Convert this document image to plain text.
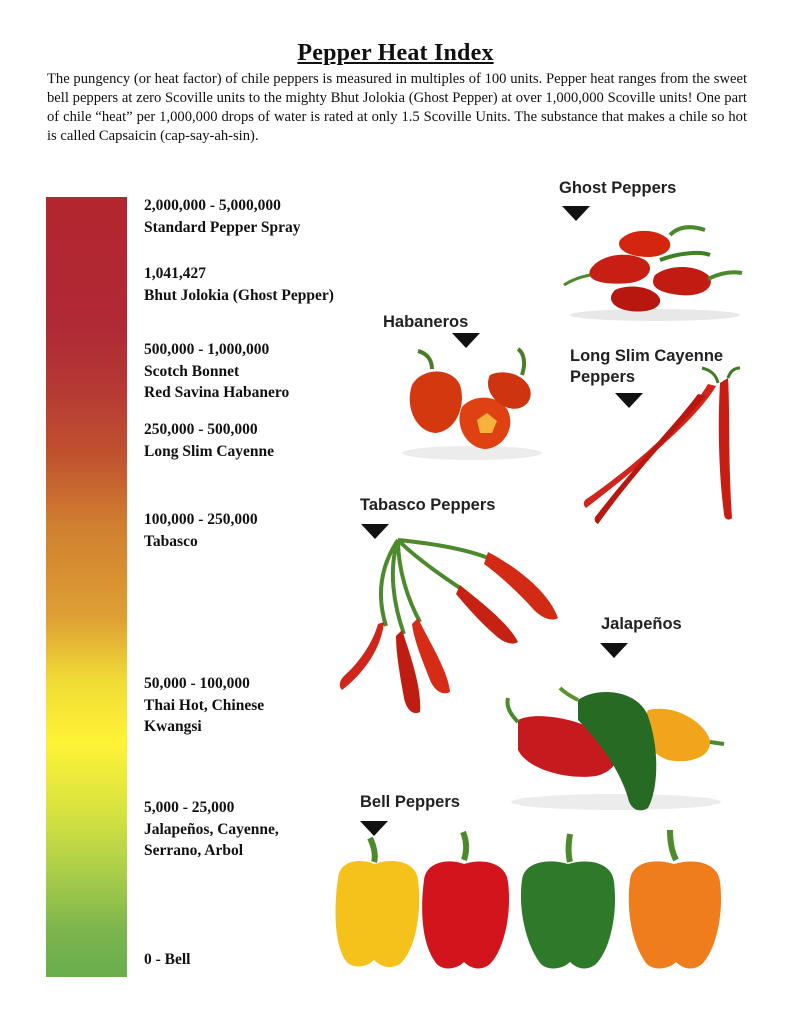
Pepper Heat Index
The pungency (or heat factor) of chile peppers is measured in multiples of 100 units. Pepper heat ranges from the sweet bell peppers at zero Scoville units to the mighty Bhut Jolokia (Ghost Pepper) at over 1,000,000 Scoville units! One part of chile “heat” per 1,000,000 drops of water is rated at only 1.5 Scoville Units. The substance that makes a chile so hot is called Capsaicin (cap-say-ah-sin).
2,000,000 - 5,000,000
Standard Pepper Spray
1,041,427
Bhut Jolokia (Ghost Pepper)
500,000 - 1,000,000
Scotch Bonnet
Red Savina Habanero
250,000 - 500,000
Long Slim Cayenne
100,000 - 250,000
Tabasco
50,000 - 100,000
Thai Hot, Chinese
Kwangsi
5,000 - 25,000
Jalapeños, Cayenne,
Serrano, Arbol
0 - Bell
Ghost Peppers
Habaneros
Long Slim Cayenne
Peppers
Tabasco Peppers
Jalapeños
Bell Peppers
